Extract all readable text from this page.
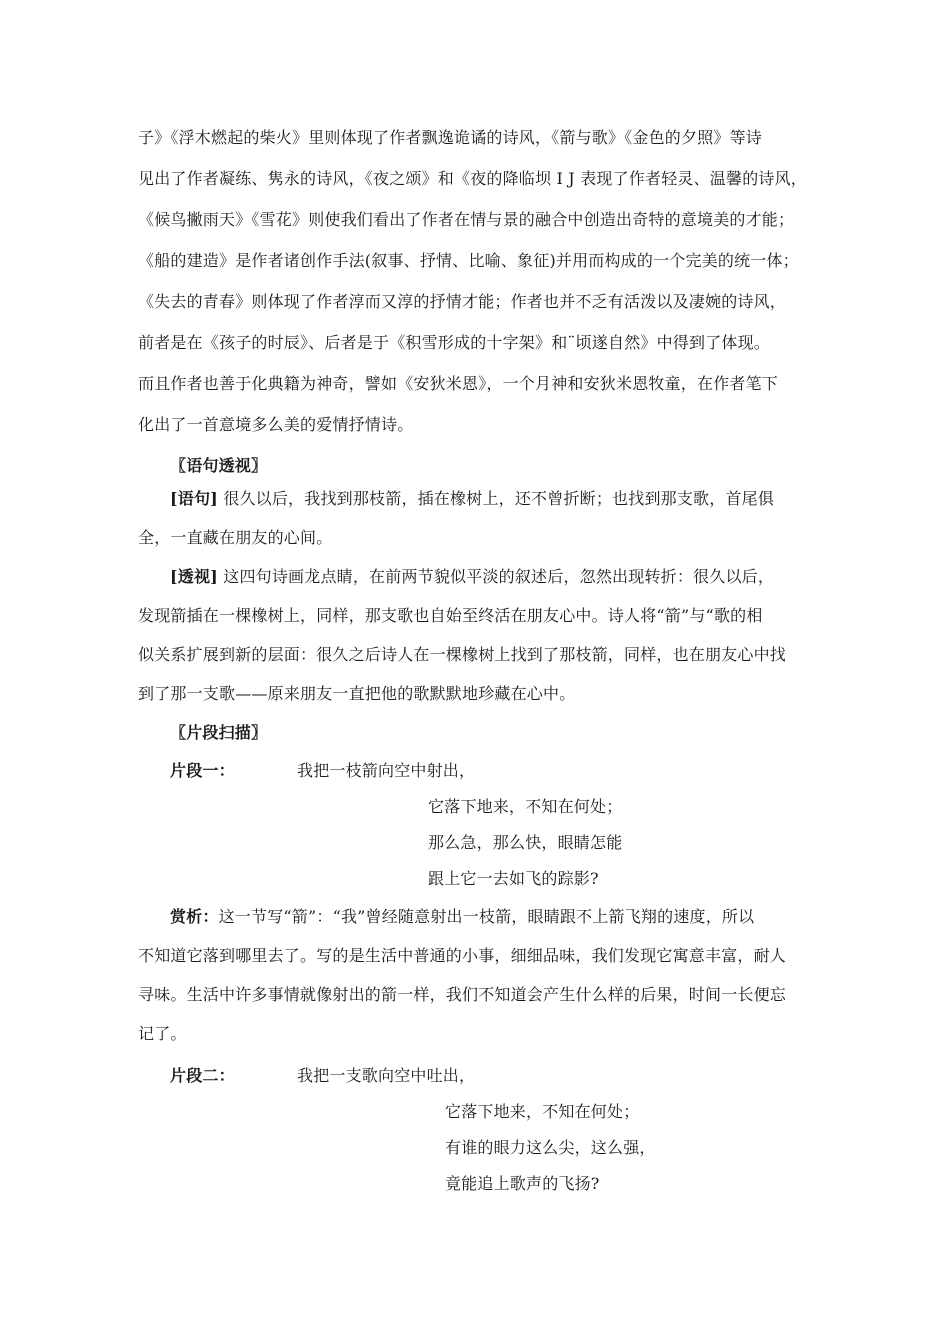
子》《浮木燃起的柴火》里则体现了作者飘逸诡谲的诗风，《箭与歌》《金色的夕照》等诗
见出了作者凝练、隽永的诗风，《夜之颂》和《夜的降临坝 I J 表现了作者轻灵、温馨的诗风，
《候鸟撇雨天》《雪花》则使我们看出了作者在情与景的融合中创造出奇特的意境美的才能；
《船的建造》是作者诸创作手法(叙事、抒情、比喻、象征)并用而构成的一个完美的统一体；
《失去的青春》则体现了作者淳而又淳的抒情才能；作者也并不乏有活泼以及凄婉的诗风，
前者是在《孩子的时辰》、后者是于《积雪形成的十字架》和¨顷遂自然》中得到了体现。
而且作者也善于化典籍为神奇，譬如《安狄米恩》，一个月神和安狄米恩牧童，在作者笔下
化出了一首意境多么美的爱情抒情诗。
〖语句透视〗
[语句] 很久以后，我找到那枝箭，插在橡树上，还不曾折断；也找到那支歌，首尾俱
全，一直藏在朋友的心间。
[透视] 这四句诗画龙点睛，在前两节貌似平淡的叙述后，忽然出现转折：很久以后，
发现箭插在一棵橡树上，同样，那支歌也自始至终活在朋友心中。诗人将“箭”与“歌的相
似关系扩展到新的层面：很久之后诗人在一棵橡树上找到了那枝箭，同样，也在朋友心中找
到了那一支歌——原来朋友一直把他的歌默默地珍藏在心中。
〖片段扫描〗
片段一：	我把一枝箭向空中射出，
它落下地来，不知在何处；
那么急，那么快，眼睛怎能
跟上它一去如飞的踪影?
赏析：这一节写“箭”：“我”曾经随意射出一枝箭，眼睛跟不上箭飞翔的速度，所以
不知道它落到哪里去了。写的是生活中普通的小事，细细品味，我们发现它寓意丰富，耐人
寻味。生活中许多事情就像射出的箭一样，我们不知道会产生什么样的后果，时间一长便忘
记了。
片段二：	我把一支歌向空中吐出，
它落下地来，不知在何处；
有谁的眼力这么尖，这么强，
竟能追上歌声的飞扬?
